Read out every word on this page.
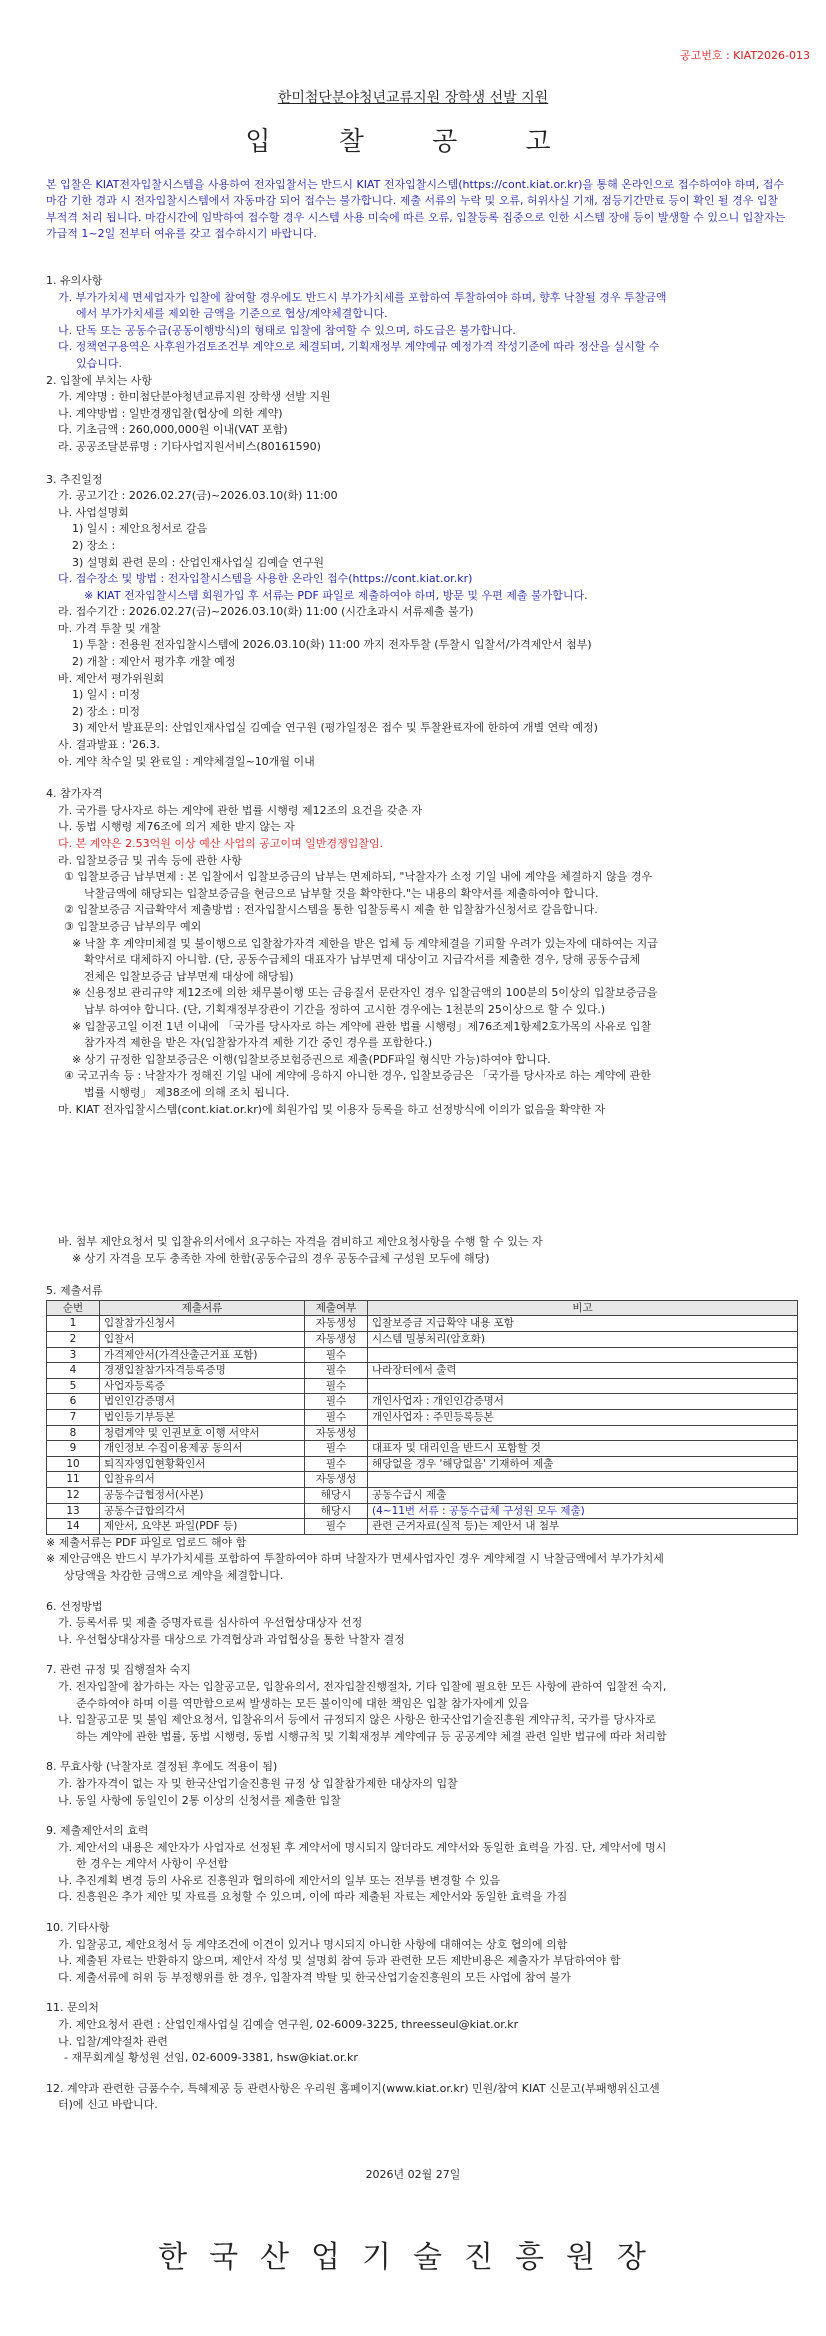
공고번호 : KIAT2026-013
한미첨단분야청년교류지원 장학생 선발 지원
입 찰 공 고
본 입찰은 KIAT전자입찰시스템을 사용하여 전자입찰서는 반드시 KIAT 전자입찰시스템(https://cont.kiat.or.kr)을 통해 온라인으로 접수하여야 하며, 접수마감 기한 경과 시 전자입찰시스템에서 자동마감 되어 접수는 불가합니다. 제출 서류의 누락 및 오류, 허위사실 기재, 점등기간만료 등이 확인 될 경우 입찰 부적격 처리 됩니다. 마감시간에 임박하여 접수할 경우 시스템 사용 미숙에 따른 오류, 입찰등록 집중으로 인한 시스템 장애 등이 발생할 수 있으니 입찰자는 가급적 1~2일 전부터 여유를 갖고 접수하시기 바랍니다.
1. 유의사항
가. 부가가치세 면세업자가 입찰에 참여할 경우에도 반드시 부가가치세를 포함하여 투찰하여야 하며, 향후 낙찰될 경우 투찰금액
에서 부가가치세를 제외한 금액을 기준으로 협상/계약체결합니다.
나. 단독 또는 공동수급(공동이행방식)의 형태로 입찰에 참여할 수 있으며, 하도급은 불가합니다.
다. 정책연구용역은 사후원가검토조건부 계약으로 체결되며, 기획재정부 계약예규 예정가격 작성기준에 따라 정산을 실시할 수
있습니다.
2. 입찰에 부치는 사항
가. 계약명 : 한미첨단분야청년교류지원 장학생 선발 지원
나. 계약방법 : 일반경쟁입찰(협상에 의한 계약)
다. 기초금액 : 260,000,000원 이내(VAT 포함)
라. 공공조달분류명 : 기타사업지원서비스(80161590)
3. 추진일정
가. 공고기간 : 2026.02.27(금)~2026.03.10(화) 11:00
나. 사업설명회
1) 일시 : 제안요청서로 갈음
2) 장소 :
3) 설명회 관련 문의 : 산업인재사업실 김예슬 연구원
다. 접수장소 및 방법 : 전자입찰시스템을 사용한 온라인 접수(https://cont.kiat.or.kr)
※ KIAT 전자입찰시스템 회원가입 후 서류는 PDF 파일로 제출하여야 하며, 방문 및 우편 제출 불가합니다.
라. 접수기간 : 2026.02.27(금)~2026.03.10(화) 11:00 (시간초과시 서류제출 불가)
마. 가격 투찰 및 개찰
1) 투찰 : 전용원 전자입찰시스템에 2026.03.10(화) 11:00 까지 전자투찰 (투찰시 입찰서/가격제안서 첨부)
2) 개찰 : 제안서 평가후 개찰 예정
바. 제안서 평가위원회
1) 일시 : 미정
2) 장소 : 미정
3) 제안서 발표문의: 산업인재사업실 김예슬 연구원 (평가일정은 접수 및 투찰완료자에 한하여 개별 연락 예정)
사. 결과발표 : '26.3.
아. 계약 착수일 및 완료일 : 계약체결일~10개월 이내
4. 참가자격
가. 국가를 당사자로 하는 계약에 관한 법률 시행령 제12조의 요건을 갖춘 자
나. 동법 시행령 제76조에 의거 제한 받지 않는 자
다. 본 계약은 2.53억원 이상 예산 사업의 공고이며 일반경쟁입찰임.
라. 입찰보증금 및 귀속 등에 관한 사항
① 입찰보증금 납부면제 : 본 입찰에서 입찰보증금의 납부는 면제하되, "낙찰자가 소정 기일 내에 계약을 체결하지 않을 경우
낙찰금액에 해당되는 입찰보증금을 현금으로 납부할 것을 확약한다."는 내용의 확약서를 제출하여야 합니다.
② 입찰보증금 지급확약서 제출방법 : 전자입찰시스템을 통한 입찰등록시 제출 한 입찰참가신청서로 갈음합니다.
③ 입찰보증금 납부의무 예외
※ 낙찰 후 계약미체결 및 불이행으로 입찰참가자격 제한을 받은 업체 등 계약체결을 기피할 우려가 있는자에 대하여는 지급
확약서로 대체하지 아니함. (단, 공동수급체의 대표자가 납부면제 대상이고 지급각서를 제출한 경우, 당해 공동수급체
전체은 입찰보증금 납부면제 대상에 해당됨)
※ 신용정보 관리규약 제12조에 의한 채무불이행 또는 금융질서 문란자인 경우 입찰금액의 100분의 5이상의 입찰보증금을
납부 하여야 합니다. (단, 기획재정부장관이 기간을 정하여 고시한 경우에는 1천분의 25이상으로 할 수 있다.)
※ 입찰공고일 이전 1년 이내에 「국가를 당사자로 하는 계약에 관한 법률 시행령」제76조제1항제2호가목의 사유로 입찰
참가자격 제한을 받은 자(입찰참가자격 제한 기간 중인 경우를 포함한다.)
※ 상기 규정한 입찰보증금은 이행(입찰보증보험증권으로 제출(PDF파일 형식만 가능)하여야 합니다.
④ 국고귀속 등 : 낙찰자가 정해진 기일 내에 계약에 응하지 아니한 경우, 입찰보증금은 「국가를 당사자로 하는 계약에 관한
법률 시행령」 제38조에 의해 조치 됩니다.
마. KIAT 전자입찰시스템(cont.kiat.or.kr)에 회원가입 및 이용자 등록을 하고 선정방식에 이의가 없음을 확약한 자
바. 첨부 제안요청서 및 입찰유의서에서 요구하는 자격을 겸비하고 제안요청사항을 수행 할 수 있는 자
※ 상기 자격을 모두 충족한 자에 한함(공동수급의 경우 공동수급체 구성원 모두에 해당)
5. 제출서류
순번	제출서류	제출여부	비고
1	입찰참가신청서	자동생성	입찰보증금 지급확약 내용 포함
2	입찰서	자동생성	시스템 밀봉처리(암호화)
3	가격제안서(가격산출근거표 포함)	필수	
4	경쟁입찰참가자격등록증명	필수	나라장터에서 출력
5	사업자등록증	필수	
6	법인인감증명서	필수	개인사업자 : 개인인감증명서
7	법인등기부등본	필수	개인사업자 : 주민등록등본
8	청렴계약 및 인권보호 이행 서약서	자동생성	
9	개인정보 수집이용제공 동의서	필수	대표자 및 대리인을 반드시 포함할 것
10	퇴직자영입현황확인서	필수	해당없을 경우 '해당없음' 기재하여 제출
11	입찰유의서	자동생성	
12	공동수급협정서(사본)	해당시	공동수급시 제출
13	공동수급합의각서	해당시	(4~11번 서류 : 공동수급체 구성원 모두 제출)
14	제안서, 요약본 파일(PDF 등)	필수	관련 근거자료(실적 등)는 제안서 내 첨부
※ 제출서류는 PDF 파일로 업로드 해야 함
※ 제안금액은 반드시 부가가치세를 포함하여 투찰하여야 하며 낙찰자가 면세사업자인 경우 계약체결 시 낙찰금액에서 부가가치세
상당액을 차감한 금액으로 계약을 체결합니다.
6. 선정방법
가. 등록서류 및 제출 증명자료를 심사하여 우선협상대상자 선정
나. 우선협상대상자를 대상으로 가격협상과 과업협상을 통한 낙찰자 결정
7. 관련 규정 및 집행절차 숙지
가. 전자입찰에 참가하는 자는 입찰공고문, 입찰유의서, 전자입찰진행절차, 기타 입찰에 필요한 모든 사항에 관하여 입찰전 숙지,
준수하여야 하며 이를 역만함으로써 발생하는 모든 불이익에 대한 책임은 입찰 참가자에게 있음
나. 입찰공고문 및 불임 제안요청서, 입찰유의서 등에서 규정되지 않은 사항은 한국산업기술진흥원 계약규칙, 국가를 당사자로
하는 계약에 관한 법률, 동법 시행령, 동법 시행규칙 및 기획재정부 계약예규 등 공공계약 체결 관련 일반 법규에 따라 처리함
8. 무효사항 (낙찰자로 결정된 후에도 적용이 됨)
가. 참가자격이 없는 자 및 한국산업기술진흥원 규정 상 입찰참가제한 대상자의 입찰
나. 동일 사항에 동일인이 2통 이상의 신청서를 제출한 입찰
9. 제출제안서의 효력
가. 제안서의 내용은 제안자가 사업자로 선정된 후 계약서에 명시되지 않더라도 계약서와 동일한 효력을 가짐. 단, 계약서에 명시
한 경우는 계약서 사항이 우선함
나. 추진계획 변경 등의 사유로 진흥원과 협의하에 제안서의 일부 또는 전부를 변경할 수 있음
다. 진흥원은 추가 제안 및 자료를 요청할 수 있으며, 이에 따라 제출된 자료는 제안서와 동일한 효력을 가짐
10. 기타사항
가. 입찰공고, 제안요청서 등 계약조건에 이견이 있거나 명시되지 아니한 사항에 대해여는 상호 협의에 의함
나. 제출된 자료는 반환하지 않으며, 제안서 작성 및 설명회 참여 등과 관련한 모든 제반비용은 제출자가 부담하여야 함
다. 제출서류에 허위 등 부정행위를 한 경우, 입찰자격 박탈 및 한국산업기술진흥원의 모든 사업에 참여 불가
11. 문의처
가. 제안요청서 관련 : 산업인재사업실 김예슬 연구원, 02-6009-3225, threesseul@kiat.or.kr
나. 입찰/계약절차 관련
- 재무회계실 황성원 선임, 02-6009-3381, hsw@kiat.or.kr
12. 계약과 관련한 금품수수, 특혜제공 등 관련사항은 우리원 홈페이지(www.kiat.or.kr) 민원/참여 KIAT 신문고(부패행위신고센
터)에 신고 바랍니다.
2026년 02월 27일
한국산업기술진흥원장
